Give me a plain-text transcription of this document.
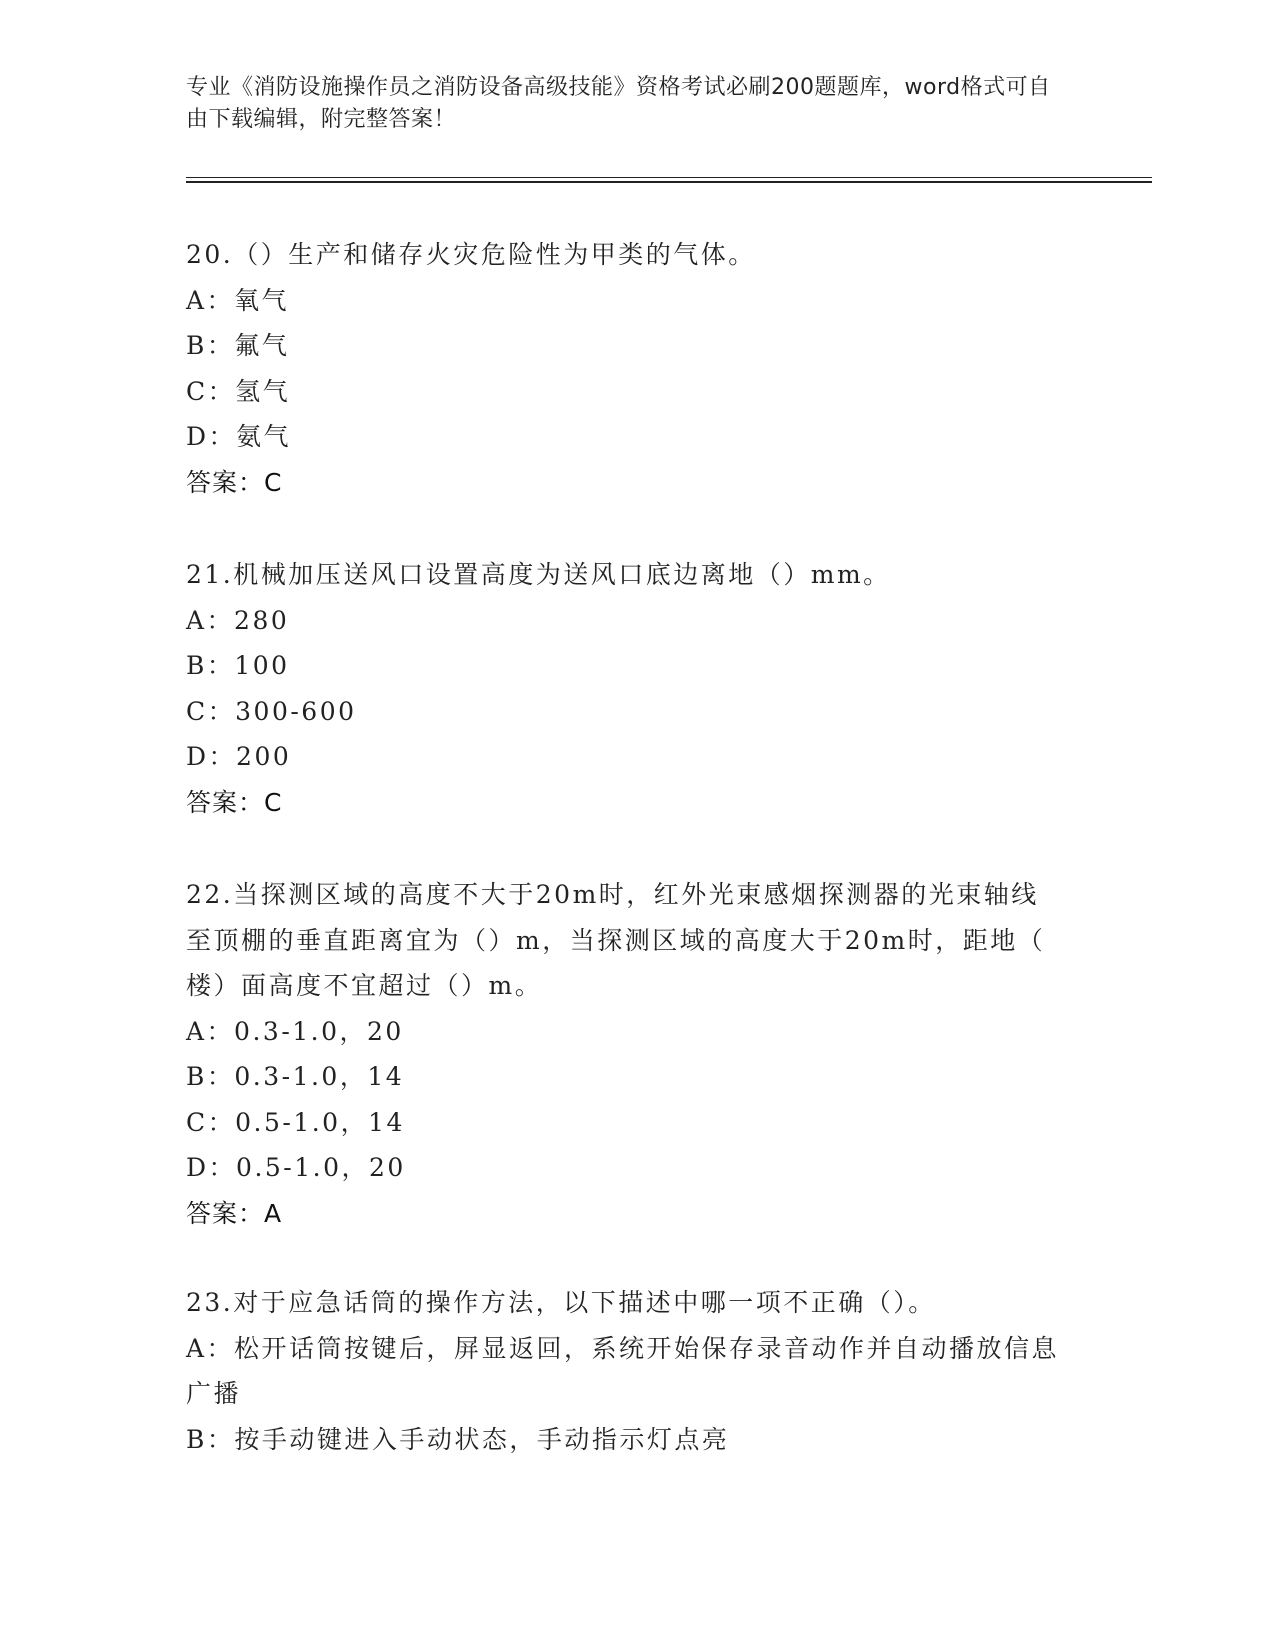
专业《消防设施操作员之消防设备高级技能》资格考试必刷200题题库，word格式可自由下载编辑，附完整答案！
20.（）生产和储存火灾危险性为甲类的气体。
A：氧气
B：氟气
C：氢气
D：氨气
答案：C
21.机械加压送风口设置高度为送风口底边离地（）mm。
A：280
B：100
C：300-600
D：200
答案：C
22.当探测区域的高度不大于20m时，红外光束感烟探测器的光束轴线
至顶棚的垂直距离宜为（）m，当探测区域的高度大于20m时，距地（
楼）面高度不宜超过（）m。
A：0.3-1.0，20
B：0.3-1.0，14
C：0.5-1.0，14
D：0.5-1.0，20
答案：A
23.对于应急话筒的操作方法，以下描述中哪一项不正确（）。
A：松开话筒按键后，屏显返回，系统开始保存录音动作并自动播放信息广播
B：按手动键进入手动状态，手动指示灯点亮
